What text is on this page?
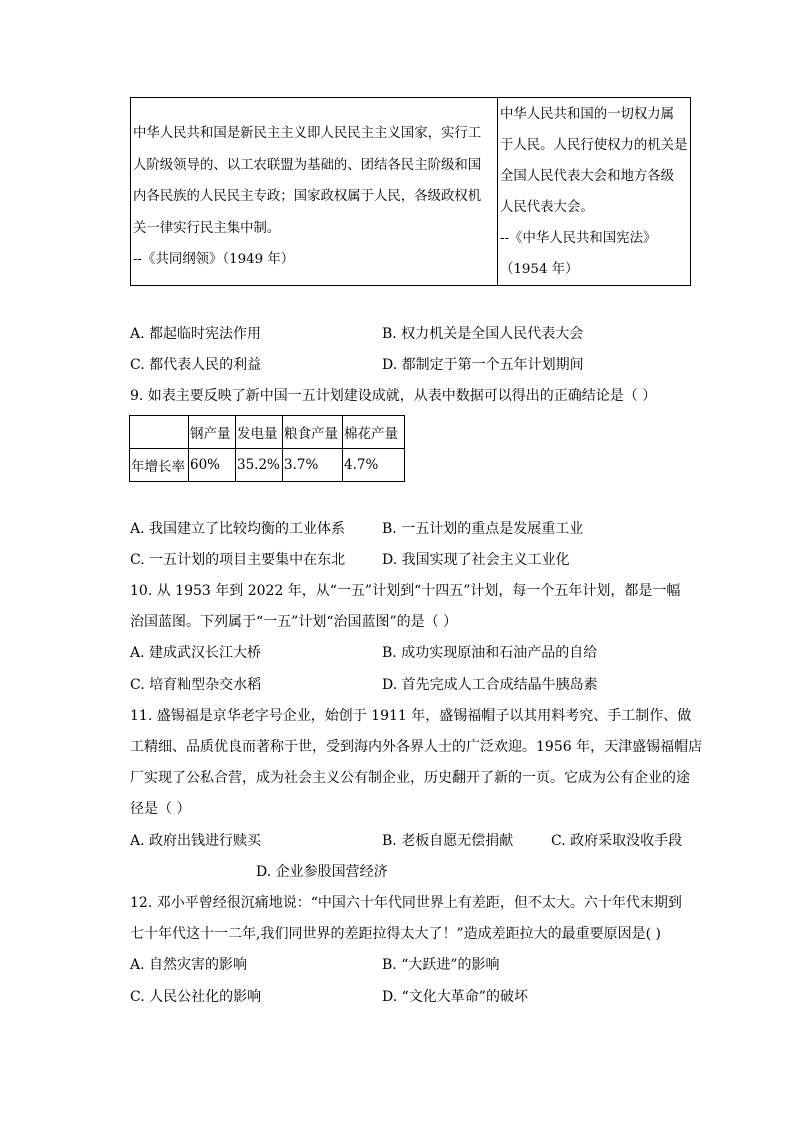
中华人民共和国是新民主主义即人民民主主义国家，实行工
人阶级领导的、以工农联盟为基础的、团结各民主阶级和国
内各民族的人民民主专政；国家政权属于人民，各级政权机
关一律实行民主集中制。
--《共同纲领》（1949 年）
中华人民共和国的一切权力属
于人民。人民行使权力的机关是
全国人民代表大会和地方各级
人民代表大会。
--《中华人民共和国宪法》
（1954 年）
A. 都起临时宪法作用	B. 权力机关是全国人民代表大会
C. 都代表人民的利益	D. 都制定于第一个五年计划期间
9. 如表主要反映了新中国一五计划建设成就，从表中数据可以得出的正确结论是（ ）
	钢产量	发电量	粮食产量	棉花产量
年增长率	60%	35.2%	3.7%	4.7%
A. 我国建立了比较均衡的工业体系	B. 一五计划的重点是发展重工业
C. 一五计划的项目主要集中在东北	D. 我国实现了社会主义工业化
10. 从 1953 年到 2022 年，从“一五”计划到“十四五”计划，每一个五年计划，都是一幅
治国蓝图。下列属于“一五”计划“治国蓝图”的是（ ）
A. 建成武汉长江大桥	B. 成功实现原油和石油产品的自给
C. 培育籼型杂交水稻	D. 首先完成人工合成结晶牛胰岛素
11. 盛锡福是京华老字号企业，始创于 1911 年，盛锡福帽子以其用料考究、手工制作、做
工精细、品质优良而著称于世，受到海内外各界人士的广泛欢迎。1956 年，天津盛锡福帽店
厂实现了公私合营，成为社会主义公有制企业，历史翻开了新的一页。它成为公有企业的途
径是（ ）
A. 政府出钱进行赎买	B. 老板自愿无偿捐献	C. 政府采取没收手段
D. 企业参股国营经济
12. 邓小平曾经很沉痛地说：“中国六十年代同世界上有差距，但不太大。六十年代末期到
七十年代这十一二年,我们同世界的差距拉得太大了！”造成差距拉大的最重要原因是( )
A. 自然灾害的影响	B. “大跃进”的影响
C. 人民公社化的影响	D. “文化大革命”的破坏
